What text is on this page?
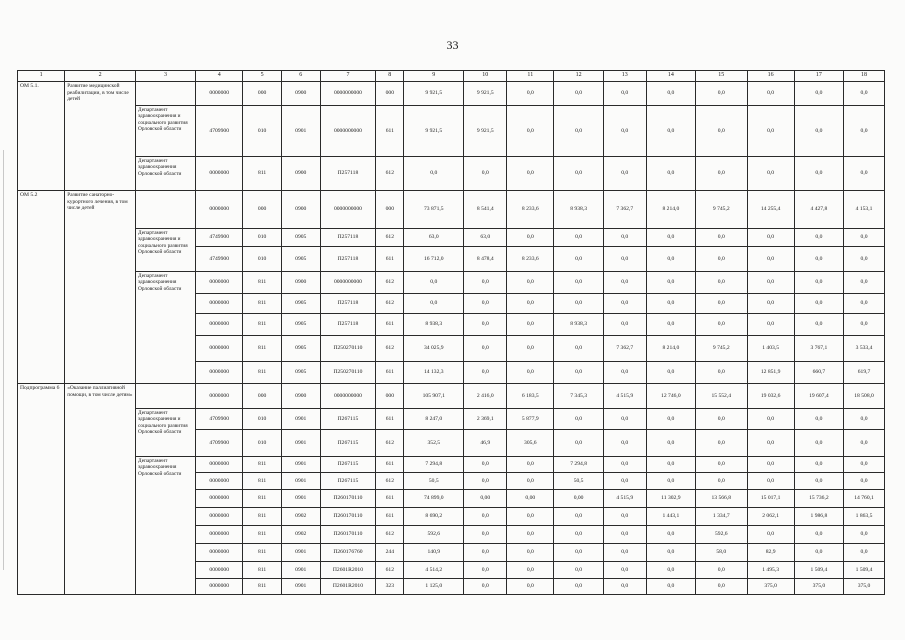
33
1	2	3	4	5	6	7	8	9	10	11	12	13	14	15	16	17	18
ОМ 5.1.	Развитие медицинской реабилитации, в том числе детей		0000000	000	0900	0000000000	000	9 921,5	9 921,5	0,0	0,0	0,0	0,0	0,0	0,0	0,0	0,0
		Департамент здравоохранения и социального развития Орловской области	4709900	010	0901	0000000000	611	9 921,5	9 921,5	0,0	0,0	0,0	0,0	0,0	0,0	0,0	0,0
		Департамент здравоохранения Орловской области	0000000	811	0900	П257118	612	0,0	0,0	0,0	0,0	0,0	0,0	0,0	0,0	0,0	0,0
ОМ 5.2	Развитие санаторно-курортного лечения, в том числе детей		0000000	000	0900	0000000000	000	73 871,5	8 541,4	8 233,6	8 938,3	7 362,7	8 214,0	9 745,2	14 255,4	4 427,8	4 153,1
		Департамент здравоохранения и социального развития Орловской области	4749900	010	0905	П257118	612	63,0	63,0	0,0	0,0	0,0	0,0	0,0	0,0	0,0	0,0
			4749900	010	0905	П257118	611	16 712,0	8 478,4	8 233,6	0,0	0,0	0,0	0,0	0,0	0,0	0,0
		Департамент здравоохранения Орловской области	0000000	811	0900	0000000000	612	0,0	0,0	0,0	0,0	0,0	0,0	0,0	0,0	0,0	0,0
			0000000	811	0905	П257118	612	0,0	0,0	0,0	0,0	0,0	0,0	0,0	0,0	0,0	0,0
			0000000	811	0905	П257118	611	8 938,3	0,0	0,0	8 938,3	0,0	0,0	0,0	0,0	0,0	0,0
			0000000	811	0905	П250270110	612	34 025,9	0,0	0,0	0,0	7 362,7	8 214,0	9 745,2	1 403,5	3 767,1	3 533,4
			0000000	811	0905	П250270110	611	14 132,3	0,0	0,0	0,0	0,0	0,0	0,0	12 851,9	660,7	619,7
Подпрограмма 6	«Оказание паллиативной помощи, в том числе детям»		0000000	000	0900	0000000000	000	105 907,1	2 416,0	6 183,5	7 345,3	4 515,9	12 746,0	15 552,4	19 032,6	19 607,4	18 508,0
		Департамент здравоохранения и социального развития Орловской области	4709900	010	0901	П267115	611	8 247,0	2 369,1	5 877,9	0,0	0,0	0,0	0,0	0,0	0,0	0,0
			4709900	010	0901	П267115	612	352,5	46,9	305,6	0,0	0,0	0,0	0,0	0,0	0,0	0,0
		Департамент здравоохранения Орловской области	0000000	811	0901	П267115	611	7 294,8	0,0	0,0	7 294,8	0,0	0,0	0,0	0,0	0,0	0,0
			0000000	811	0901	П267115	612	50,5	0,0	0,0	50,5	0,0	0,0	0,0	0,0	0,0	0,0
			0000000	811	0901	П260170110	611	74 899,0	0,00	0,00	0,00	4 515,9	11 302,9	13 566,8	15 017,1	15 736,2	14 760,1
			0000000	811	0902	П260170110	611	8 690,2	0,0	0,0	0,0	0,0	1 443,1	1 334,7	2 062,1	1 986,8	1 863,5
			0000000	811	0902	П260170110	612	592,6	0,0	0,0	0,0	0,0	0,0	592,6	0,0	0,0	0,0
			0000000	811	0901	П260176760	244	140,9	0,0	0,0	0,0	0,0	0,0	58,0	82,9	0,0	0,0
			0000000	811	0901	П2601R2010	612	4 514,2	0,0	0,0	0,0	0,0	0,0	0,0	1 495,3	1 509,4	1 509,4
			0000000	811	0901	П2601R2010	323	1 125,0	0,0	0,0	0,0	0,0	0,0	0,0	375,0	375,0	375,0
